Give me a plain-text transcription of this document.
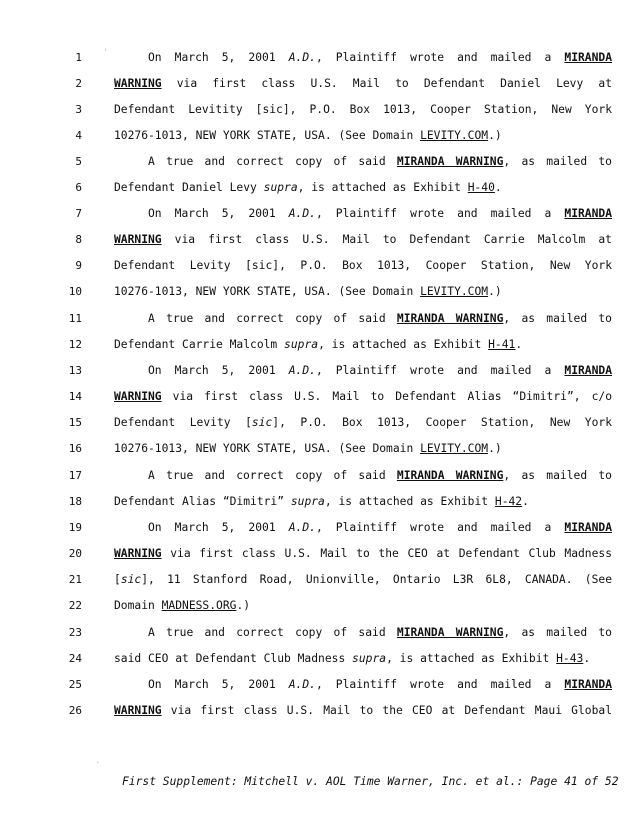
1	On March 5, 2001 A.D., Plaintiff wrote and mailed a MIRANDA
2	WARNING via first class U.S. Mail to Defendant Daniel Levy at
3	Defendant Levitity [sic], P.O. Box 1013, Cooper Station, New York
4	10276-1013, NEW YORK STATE, USA. (See Domain LEVITY.COM.)
5	A true and correct copy of said MIRANDA WARNING, as mailed to
6	Defendant Daniel Levy supra, is attached as Exhibit H-40.
7	On March 5, 2001 A.D., Plaintiff wrote and mailed a MIRANDA
8	WARNING via first class U.S. Mail to Defendant Carrie Malcolm at
9	Defendant Levity [sic], P.O. Box 1013, Cooper Station, New York
10	10276-1013, NEW YORK STATE, USA. (See Domain LEVITY.COM.)
11	A true and correct copy of said MIRANDA WARNING, as mailed to
12	Defendant Carrie Malcolm supra, is attached as Exhibit H-41.
13	On March 5, 2001 A.D., Plaintiff wrote and mailed a MIRANDA
14	WARNING via first class U.S. Mail to Defendant Alias “Dimitri”, c/o
15	Defendant Levity [sic], P.O. Box 1013, Cooper Station, New York
16	10276-1013, NEW YORK STATE, USA. (See Domain LEVITY.COM.)
17	A true and correct copy of said MIRANDA WARNING, as mailed to
18	Defendant Alias “Dimitri” supra, is attached as Exhibit H-42.
19	On March 5, 2001 A.D., Plaintiff wrote and mailed a MIRANDA
20	WARNING via first class U.S. Mail to the CEO at Defendant Club Madness
21	[sic], 11 Stanford Road, Unionville, Ontario L3R 6L8, CANADA. (See
22	Domain MADNESS.ORG.)
23	A true and correct copy of said MIRANDA WARNING, as mailed to
24	said CEO at Defendant Club Madness supra, is attached as Exhibit H-43.
25	On March 5, 2001 A.D., Plaintiff wrote and mailed a MIRANDA
26	WARNING via first class U.S. Mail to the CEO at Defendant Maui Global
First Supplement: Mitchell v. AOL Time Warner, Inc. et al.: Page 41 of 52
'
.
